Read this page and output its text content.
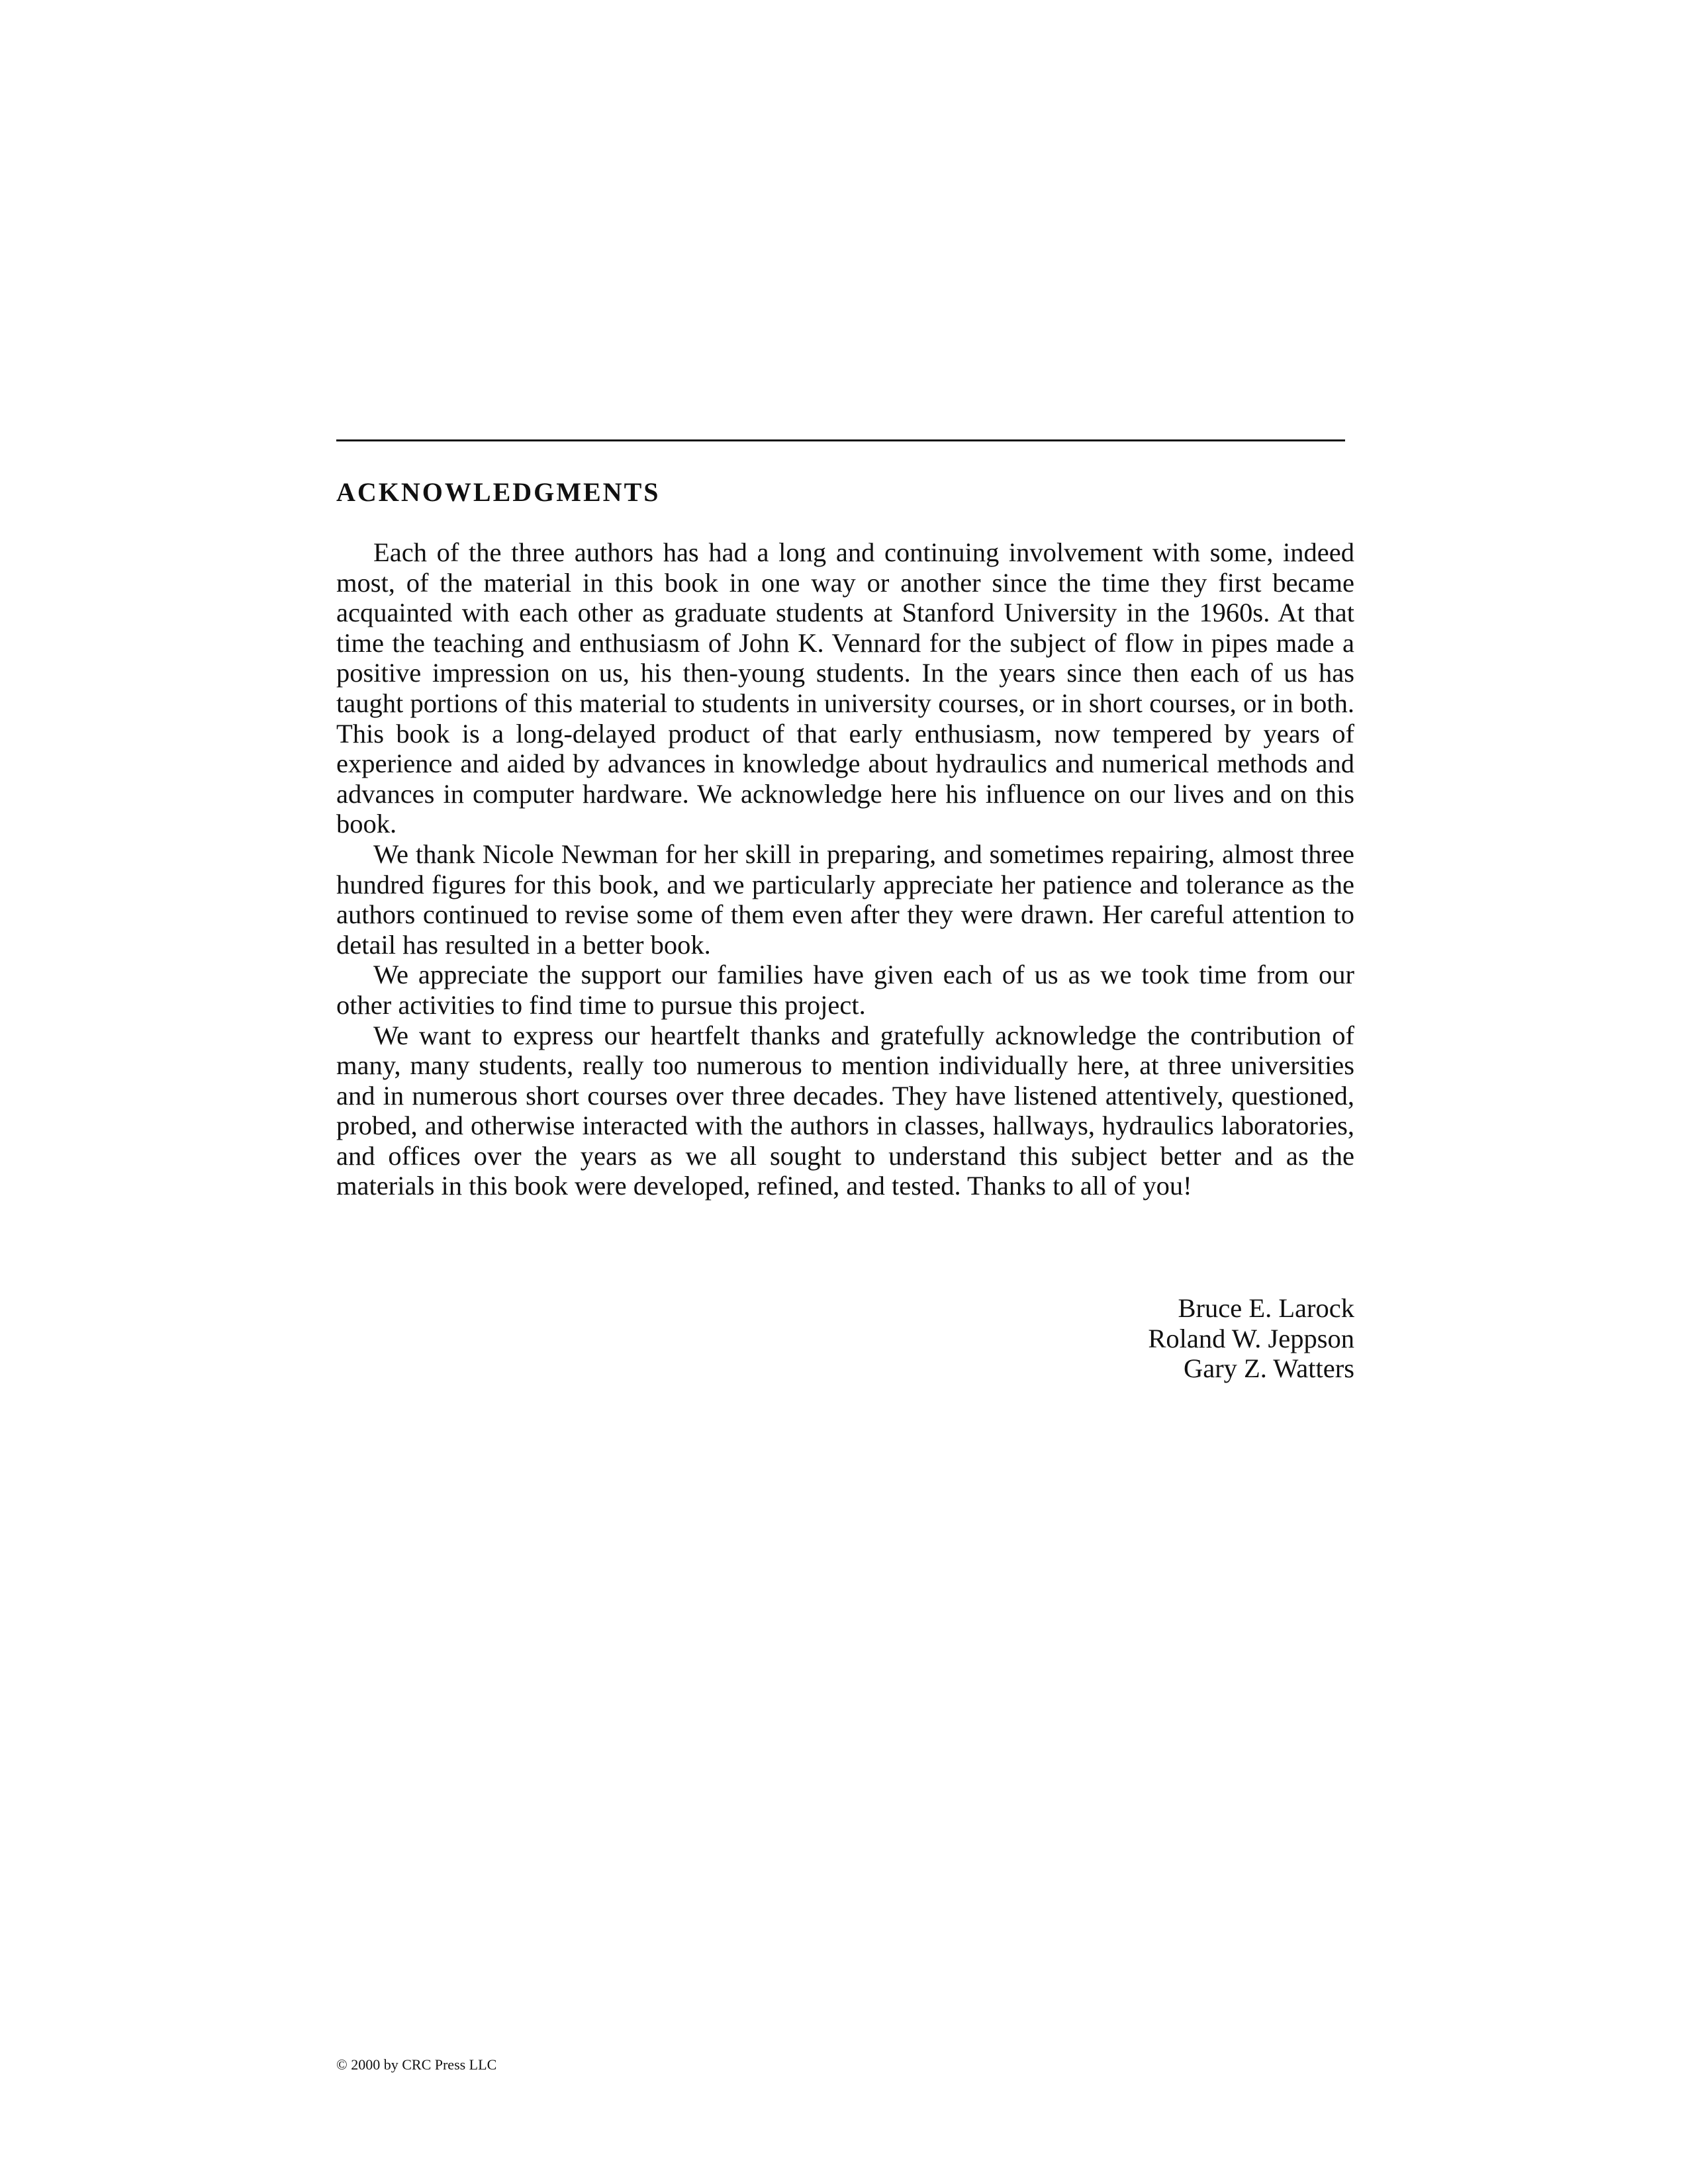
ACKNOWLEDGMENTS

Each of the three authors has had a long and continuing involvement with some, indeed most, of the material in this book in one way or another since the time they first became acquainted with each other as graduate students at Stanford University in the 1960s. At that time the teaching and enthusiasm of John K. Vennard for the subject of flow in pipes made a positive impression on us, his then-young students. In the years since then each of us has taught portions of this material to students in university courses, or in short courses, or in both. This book is a long-delayed product of that early enthusiasm, now tempered by years of experience and aided by advances in knowledge about hydraulics and numerical methods and advances in computer hardware. We acknowledge here his influence on our lives and on this book.

We thank Nicole Newman for her skill in preparing, and sometimes repairing, almost three hundred figures for this book, and we particularly appreciate her patience and tolerance as the authors continued to revise some of them even after they were drawn. Her careful attention to detail has resulted in a better book.

We appreciate the support our families have given each of us as we took time from our other activities to find time to pursue this project.

We want to express our heartfelt thanks and gratefully acknowledge the contribution of many, many students, really too numerous to mention individually here, at three universities and in numerous short courses over three decades. They have listened attentively, questioned, probed, and otherwise interacted with the authors in classes, hallways, hydraulics laboratories, and offices over the years as we all sought to understand this subject better and as the materials in this book were developed, refined, and tested. Thanks to all of you!

Bruce E. Larock
Roland W. Jeppson
Gary Z. Watters
© 2000 by CRC Press LLC
